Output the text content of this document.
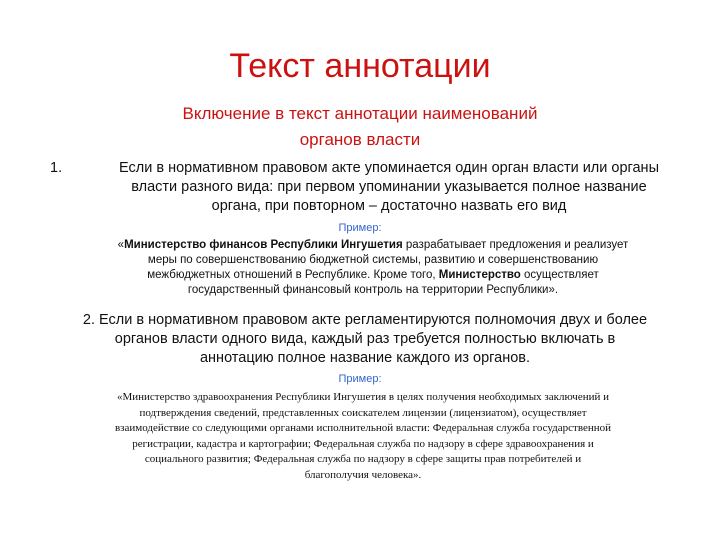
Текст аннотации
Включение в текст аннотации наименований
органов власти
1.	Если в нормативном правовом акте упоминается один орган власти или органы
власти разного вида: при первом упоминании указывается полное название
органа, при повторном – достаточно назвать его вид
Пример:
«Министерство финансов Республики Ингушетия разрабатывает предложения и реализует
меры по совершенствованию бюджетной системы, развитию и совершенствованию
межбюджетных отношений в Республике. Кроме того, Министерство осуществляет
государственный финансовый контроль на территории Республики».
2. Если в нормативном правовом акте регламентируются полномочия двух и более
органов власти одного вида, каждый раз требуется полностью включать в
аннотацию полное название каждого из органов.
Пример:
«Министерство здравоохранения Республики Ингушетия в целях получения необходимых заключений и
подтверждения сведений, представленных соискателем лицензии (лицензиатом), осуществляет
взаимодействие со следующими органами исполнительной власти: Федеральная служба государственной
регистрации, кадастра и картографии; Федеральная служба по надзору в сфере здравоохранения и
социального развития; Федеральная служба по надзору в сфере защиты прав потребителей и
благополучия человека».
